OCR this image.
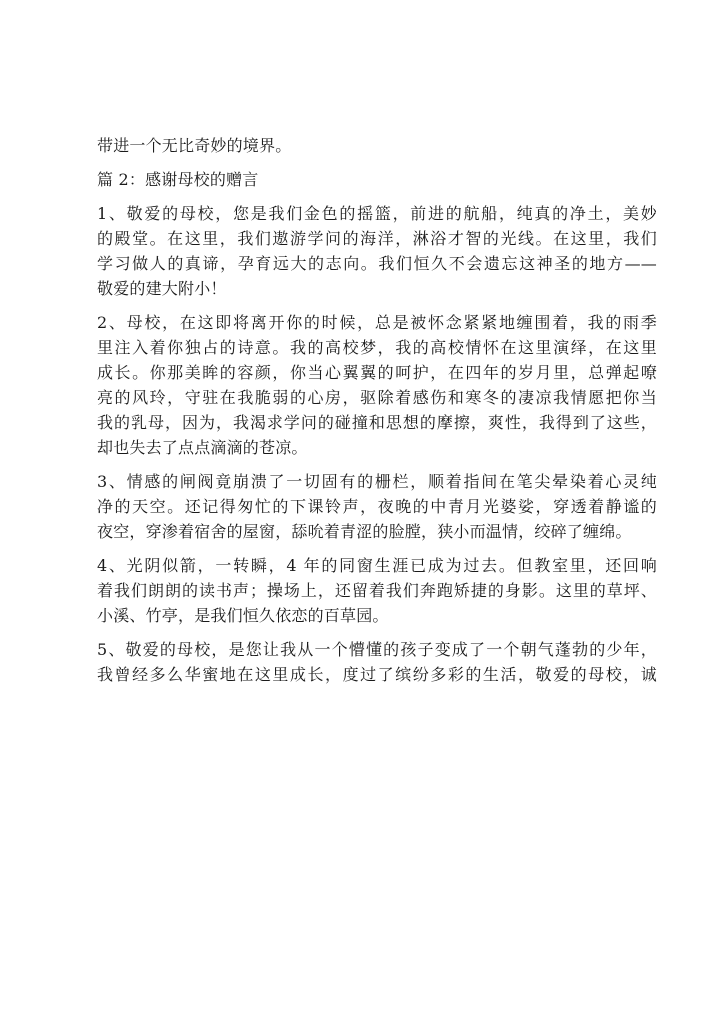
带进一个无比奇妙的境界。
篇 2：感谢母校的赠言
1、敬爱的母校，您是我们金色的摇篮，前进的航船，纯真的净土，美妙
的殿堂。在这里，我们遨游学问的海洋，淋浴才智的光线。在这里，我们
学习做人的真谛，孕育远大的志向。我们恒久不会遗忘这神圣的地方——
敬爱的建大附小！
2、母校，在这即将离开你的时候，总是被怀念紧紧地缠围着，我的雨季
里注入着你独占的诗意。我的高校梦，我的高校情怀在这里演绎，在这里
成长。你那美眸的容颜，你当心翼翼的呵护，在四年的岁月里，总弹起嘹
亮的风玲，守驻在我脆弱的心房，驱除着感伤和寒冬的凄凉我情愿把你当
我的乳母，因为，我渴求学问的碰撞和思想的摩擦，爽性，我得到了这些，
却也失去了点点滴滴的苍凉。
3、情感的闸阀竟崩溃了一切固有的栅栏，顺着指间在笔尖晕染着心灵纯
净的天空。还记得匆忙的下课铃声，夜晚的中青月光婆娑，穿透着静谧的
夜空，穿渗着宿舍的屋窗，舔吮着青涩的脸膛，狭小而温情，绞碎了缠绵。
4、光阴似箭，一转瞬，4 年的同窗生涯已成为过去。但教室里，还回响
着我们朗朗的读书声；操场上，还留着我们奔跑矫捷的身影。这里的草坪、
小溪、竹亭，是我们恒久依恋的百草园。
5、敬爱的母校，是您让我从一个懵懂的孩子变成了一个朝气蓬勃的少年，
我曾经多么华蜜地在这里成长，度过了缤纷多彩的生活，敬爱的母校，诚
